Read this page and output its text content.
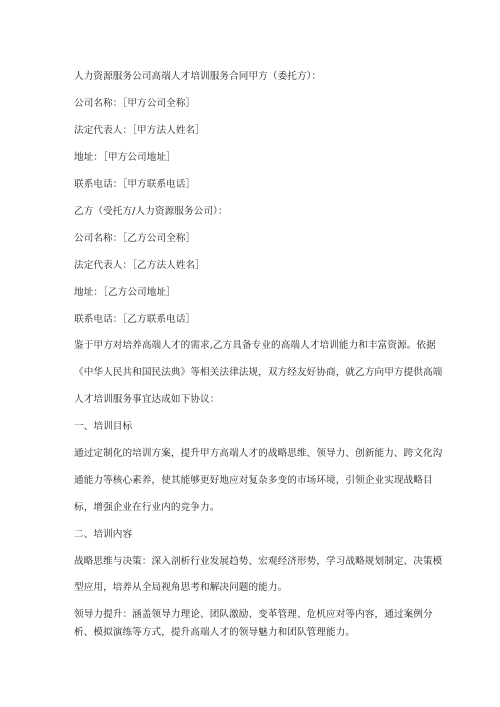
人力资源服务公司高端人才培训服务合同甲方（委托方）：
公司名称：［甲方公司全称］
法定代表人：［甲方法人姓名］
地址：［甲方公司地址］
联系电话：［甲方联系电话］
乙方（受托方/人力资源服务公司）：
公司名称：［乙方公司全称］
法定代表人：［乙方法人姓名］
地址：［乙方公司地址］
联系电话：［乙方联系电话］
鉴于甲方对培养高端人才的需求,乙方具备专业的高端人才培训能力和丰富资源。依据
《中华人民共和国民法典》等相关法律法规，双方经友好协商，就乙方向甲方提供高端
人才培训服务事宜达成如下协议：
一、培训目标
通过定制化的培训方案，提升甲方高端人才的战略思维、领导力、创新能力、跨文化沟
通能力等核心素养，使其能够更好地应对复杂多变的市场环境，引领企业实现战略目
标，增强企业在行业内的竞争力。
二、培训内容
战略思维与决策：深入剖析行业发展趋势、宏观经济形势，学习战略规划制定、决策模
型应用，培养从全局视角思考和解决问题的能力。
领导力提升：涵盖领导力理论、团队激励、变革管理、危机应对等内容，通过案例分
析、模拟演练等方式，提升高端人才的领导魅力和团队管理能力。
